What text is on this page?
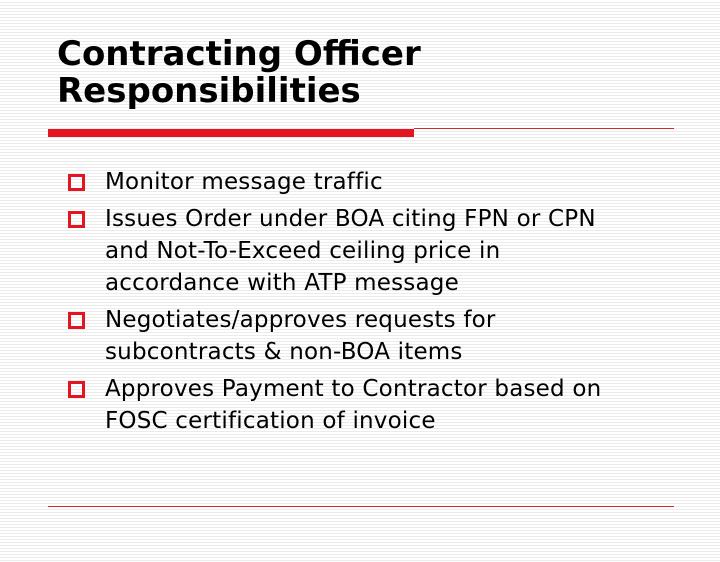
Contracting Officer
Responsibilities
Monitor message traffic
Issues Order under BOA citing FPN or CPN
and Not-To-Exceed ceiling price in
accordance with ATP message
Negotiates/approves requests for
subcontracts & non-BOA items
Approves Payment to Contractor based on
FOSC certification of invoice
